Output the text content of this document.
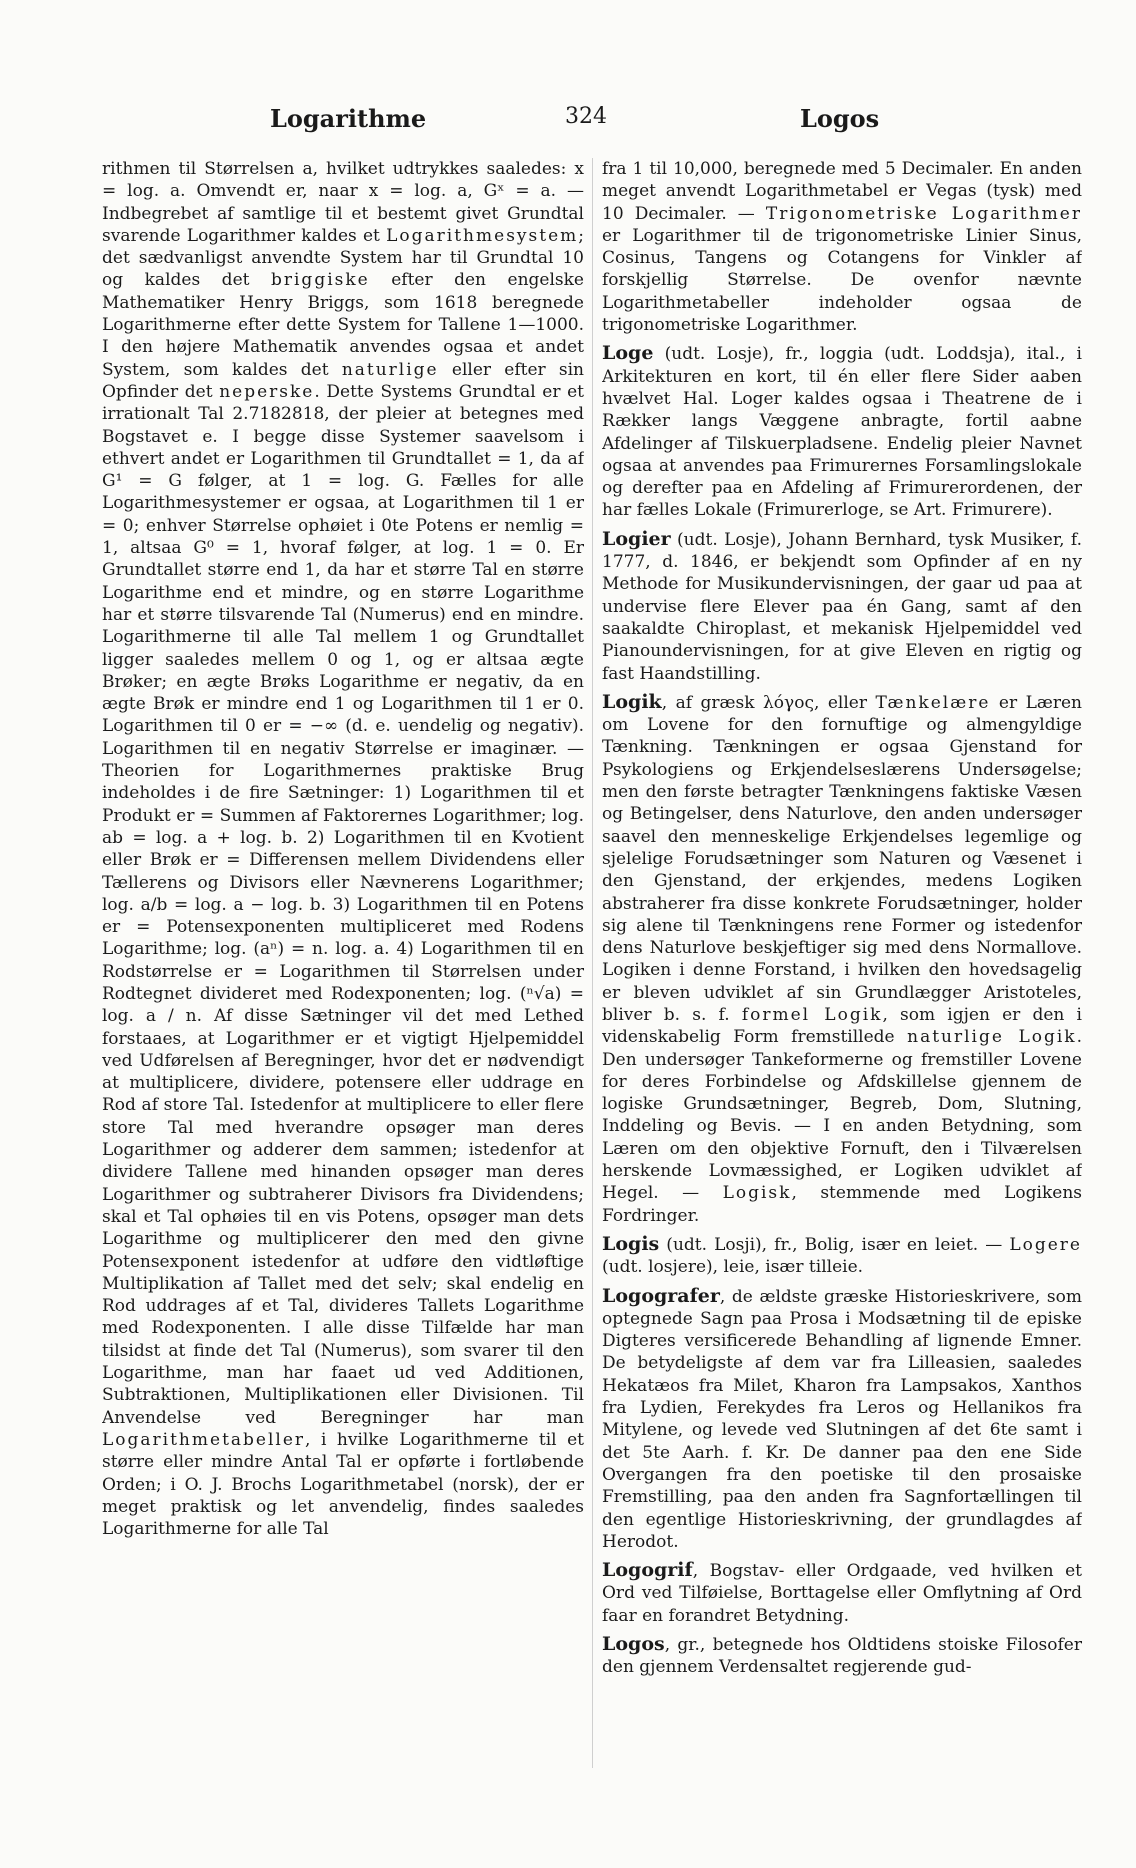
Logarithme	324	Logos

rithmen til Størrelsen a, hvilket udtrykkes saaledes: x = log. a. Omvendt er, naar x = log. a, Gˣ = a. — Indbegrebet af samtlige til et bestemt givet Grundtal svarende Logarithmer kaldes et Logarithmesystem; det sædvanligst anvendte System har til Grundtal 10 og kaldes det briggiske efter den engelske Mathematiker Henry Briggs, som 1618 beregnede Logarithmerne efter dette System for Tallene 1—1000. I den højere Mathematik anvendes ogsaa et andet System, som kaldes det naturlige eller efter sin Opfinder det neperske. Dette Systems Grundtal er et irrationalt Tal 2.7182818, der pleier at betegnes med Bogstavet e. I begge disse Systemer saavelsom i ethvert andet er Logarithmen til Grundtallet = 1, da af G¹ = G følger, at 1 = log. G. Fælles for alle Logarithmesystemer er ogsaa, at Logarithmen til 1 er = 0; enhver Størrelse ophøiet i 0te Potens er nemlig = 1, altsaa G⁰ = 1, hvoraf følger, at log. 1 = 0. Er Grundtallet større end 1, da har et større Tal en større Logarithme end et mindre, og en større Logarithme har et større tilsvarende Tal (Numerus) end en mindre. Logarithmerne til alle Tal mellem 1 og Grundtallet ligger saaledes mellem 0 og 1, og er altsaa ægte Brøker; en ægte Brøks Logarithme er negativ, da en ægte Brøk er mindre end 1 og Logarithmen til 1 er 0. Logarithmen til 0 er = −∞ (d. e. uendelig og negativ). Logarithmen til en negativ Størrelse er imaginær. — Theorien for Logarithmernes praktiske Brug indeholdes i de fire Sætninger: 1) Logarithmen til et Produkt er = Summen af Faktorernes Logarithmer; log. ab = log. a + log. b. 2) Logarithmen til en Kvotient eller Brøk er = Differensen mellem Dividendens eller Tællerens og Divisors eller Nævnerens Logarithmer; log. a/b = log. a − log. b. 3) Logarithmen til en Potens er = Potensexponenten multipliceret med Rodens Logarithme; log. (aⁿ) = n. log. a. 4) Logarithmen til en Rodstørrelse er = Logarithmen til Størrelsen under Rodtegnet divideret med Rodexponenten; log. (ⁿ√a) = log. a / n. Af disse Sætninger vil det med Lethed forstaaes, at Logarithmer er et vigtigt Hjelpemiddel ved Udførelsen af Beregninger, hvor det er nødvendigt at multiplicere, dividere, potensere eller uddrage en Rod af store Tal. Istedenfor at multiplicere to eller flere store Tal med hverandre opsøger man deres Logarithmer og adderer dem sammen; istedenfor at dividere Tallene med hinanden opsøger man deres Logarithmer og subtraherer Divisors fra Dividendens; skal et Tal ophøies til en vis Potens, opsøger man dets Logarithme og multiplicerer den med den givne Potensexponent istedenfor at udføre den vidtløftige Multiplikation af Tallet med det selv; skal endelig en Rod uddrages af et Tal, divideres Tallets Logarithme med Rodexponenten. I alle disse Tilfælde har man tilsidst at finde det Tal (Numerus), som svarer til den Logarithme, man har faaet ud ved Additionen, Subtraktionen, Multiplikationen eller Divisionen. Til Anvendelse ved Beregninger har man Logarithmetabeller, i hvilke Logarithmerne til et større eller mindre Antal Tal er opførte i fortløbende Orden; i O. J. Brochs Logarithmetabel (norsk), der er meget praktisk og let anvendelig, findes saaledes Logarithmerne for alle Tal

fra 1 til 10,000, beregnede med 5 Decimaler. En anden meget anvendt Logarithmetabel er Vegas (tysk) med 10 Decimaler. — Trigonometriske Logarithmer er Logarithmer til de trigonometriske Linier Sinus, Cosinus, Tangens og Cotangens for Vinkler af forskjellig Størrelse. De ovenfor nævnte Logarithmetabeller indeholder ogsaa de trigonometriske Logarithmer.

Loge (udt. Losje), fr., loggia (udt. Loddsja), ital., i Arkitekturen en kort, til én eller flere Sider aaben hvælvet Hal. Loger kaldes ogsaa i Theatrene de i Rækker langs Væggene anbragte, fortil aabne Afdelinger af Tilskuerpladsene. Endelig pleier Navnet ogsaa at anvendes paa Frimurernes Forsamlingslokale og derefter paa en Afdeling af Frimurerordenen, der har fælles Lokale (Frimurerloge, se Art. Frimurere).

Logier (udt. Losje), Johann Bernhard, tysk Musiker, f. 1777, d. 1846, er bekjendt som Opfinder af en ny Methode for Musikundervisningen, der gaar ud paa at undervise flere Elever paa én Gang, samt af den saakaldte Chiroplast, et mekanisk Hjelpemiddel ved Pianoundervisningen, for at give Eleven en rigtig og fast Haandstilling.

Logik, af græsk λόγος, eller Tænkelære er Læren om Lovene for den fornuftige og almengyldige Tænkning. Tænkningen er ogsaa Gjenstand for Psykologiens og Erkjendelseslærens Undersøgelse; men den første betragter Tænkningens faktiske Væsen og Betingelser, dens Naturlove, den anden undersøger saavel den menneskelige Erkjendelses legemlige og sjelelige Forudsætninger som Naturen og Væsenet i den Gjenstand, der erkjendes, medens Logiken abstraherer fra disse konkrete Forudsætninger, holder sig alene til Tænkningens rene Former og istedenfor dens Naturlove beskjeftiger sig med dens Normallove. Logiken i denne Forstand, i hvilken den hovedsagelig er bleven udviklet af sin Grundlægger Aristoteles, bliver b. s. f. formel Logik, som igjen er den i videnskabelig Form fremstillede naturlige Logik. Den undersøger Tankeformerne og fremstiller Lovene for deres Forbindelse og Afdskillelse gjennem de logiske Grundsætninger, Begreb, Dom, Slutning, Inddeling og Bevis. — I en anden Betydning, som Læren om den objektive Fornuft, den i Tilværelsen herskende Lovmæssighed, er Logiken udviklet af Hegel. — Logisk, stemmende med Logikens Fordringer.

Logis (udt. Losji), fr., Bolig, især en leiet. — Logere (udt. losjere), leie, især tilleie.

Logografer, de ældste græske Historieskrivere, som optegnede Sagn paa Prosa i Modsætning til de episke Digteres versificerede Behandling af lignende Emner. De betydeligste af dem var fra Lilleasien, saaledes Hekatæos fra Milet, Kharon fra Lampsakos, Xanthos fra Lydien, Ferekydes fra Leros og Hellanikos fra Mitylene, og levede ved Slutningen af det 6te samt i det 5te Aarh. f. Kr. De danner paa den ene Side Overgangen fra den poetiske til den prosaiske Fremstilling, paa den anden fra Sagnfortællingen til den egentlige Historieskrivning, der grundlagdes af Herodot.

Logogrif, Bogstav- eller Ordgaade, ved hvilken et Ord ved Tilføielse, Borttagelse eller Omflytning af Ord faar en forandret Betydning.

Logos, gr., betegnede hos Oldtidens stoiske Filosofer den gjennem Verdensaltet regjerende gud-
